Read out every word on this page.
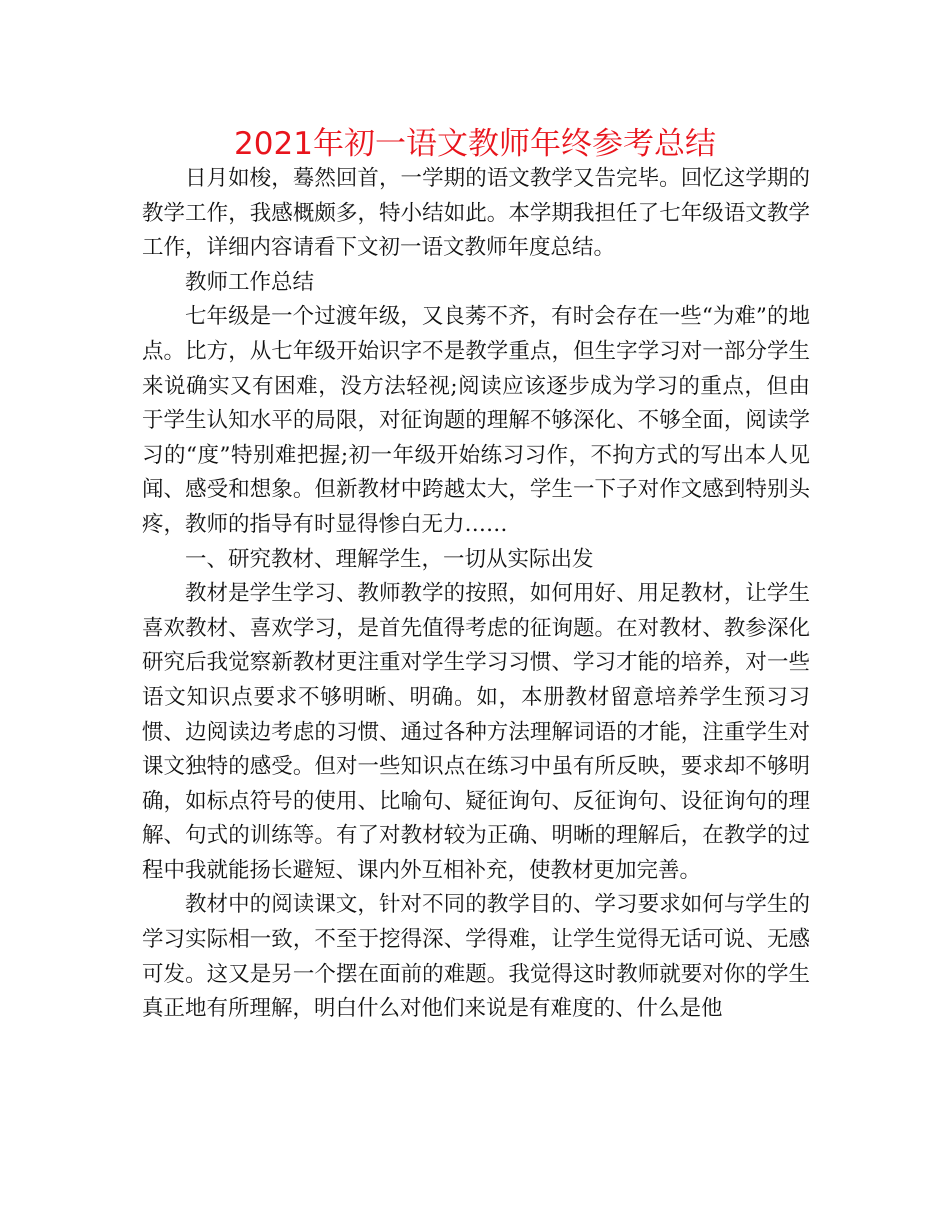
2021年初一语文教师年终参考总结

日月如梭，蓦然回首，一学期的语文教学又告完毕。回忆这学期的教学工作，我感概颇多，特小结如此。本学期我担任了七年级语文教学工作，详细内容请看下文初一语文教师年度总结。

教师工作总结

七年级是一个过渡年级，又良莠不齐，有时会存在一些“为难”的地点。比方，从七年级开始识字不是教学重点，但生字学习对一部分学生来说确实又有困难，没方法轻视;阅读应该逐步成为学习的重点，但由于学生认知水平的局限，对征询题的理解不够深化、不够全面，阅读学习的“度”特别难把握;初一年级开始练习习作，不拘方式的写出本人见闻、感受和想象。但新教材中跨越太大，学生一下子对作文感到特别头疼，教师的指导有时显得惨白无力……

一、研究教材、理解学生，一切从实际出发

教材是学生学习、教师教学的按照，如何用好、用足教材，让学生喜欢教材、喜欢学习，是首先值得考虑的征询题。在对教材、教参深化研究后我觉察新教材更注重对学生学习习惯、学习才能的培养，对一些语文知识点要求不够明晰、明确。如，本册教材留意培养学生预习习惯、边阅读边考虑的习惯、通过各种方法理解词语的才能，注重学生对课文独特的感受。但对一些知识点在练习中虽有所反映，要求却不够明确，如标点符号的使用、比喻句、疑征询句、反征询句、设征询句的理解、句式的训练等。有了对教材较为正确、明晰的理解后，在教学的过程中我就能扬长避短、课内外互相补充，使教材更加完善。

教材中的阅读课文，针对不同的教学目的、学习要求如何与学生的学习实际相一致，不至于挖得深、学得难，让学生觉得无话可说、无感可发。这又是另一个摆在面前的难题。我觉得这时教师就要对你的学生真正地有所理解，明白什么对他们来说是有难度的、什么是他
